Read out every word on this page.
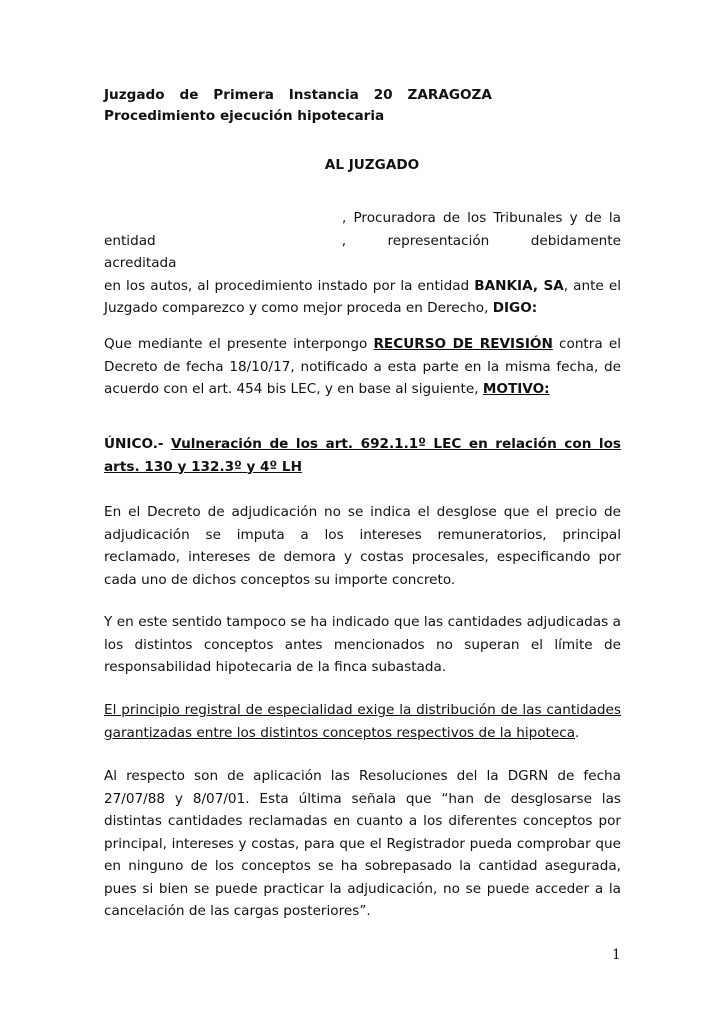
Juzgado de Primera Instancia 20 ZARAGOZA
Procedimiento ejecución hipotecaria
AL JUZGADO
, Procuradora de los Tribunales y de la
entidad	, representación debidamente acreditada
en los autos, al procedimiento instado por la entidad BANKIA, SA, ante el Juzgado comparezco y como mejor proceda en Derecho, DIGO:
Que mediante el presente interpongo RECURSO DE REVISIÓN contra el Decreto de fecha 18/10/17, notificado a esta parte en la misma fecha, de acuerdo con el art. 454 bis LEC, y en base al siguiente, MOTIVO:
ÚNICO.- Vulneración de los art. 692.1.1º LEC en relación con los arts. 130 y 132.3º y 4º LH
En el Decreto de adjudicación no se indica el desglose que el precio de adjudicación se imputa a los intereses remuneratorios, principal reclamado, intereses de demora y costas procesales, especificando por cada uno de dichos conceptos su importe concreto.
Y en este sentido tampoco se ha indicado que las cantidades adjudicadas a los distintos conceptos antes mencionados no superan el límite de responsabilidad hipotecaria de la finca subastada.
El principio registral de especialidad exige la distribución de las cantidades garantizadas entre los distintos conceptos respectivos de la hipoteca.
Al respecto son de aplicación las Resoluciones del la DGRN de fecha 27/07/88 y 8/07/01. Esta última señala que “han de desglosarse las distintas cantidades reclamadas en cuanto a los diferentes conceptos por principal, intereses y costas, para que el Registrador pueda comprobar que en ninguno de los conceptos se ha sobrepasado la cantidad asegurada, pues si bien se puede practicar la adjudicación, no se puede acceder a la cancelación de las cargas posteriores”.
1
